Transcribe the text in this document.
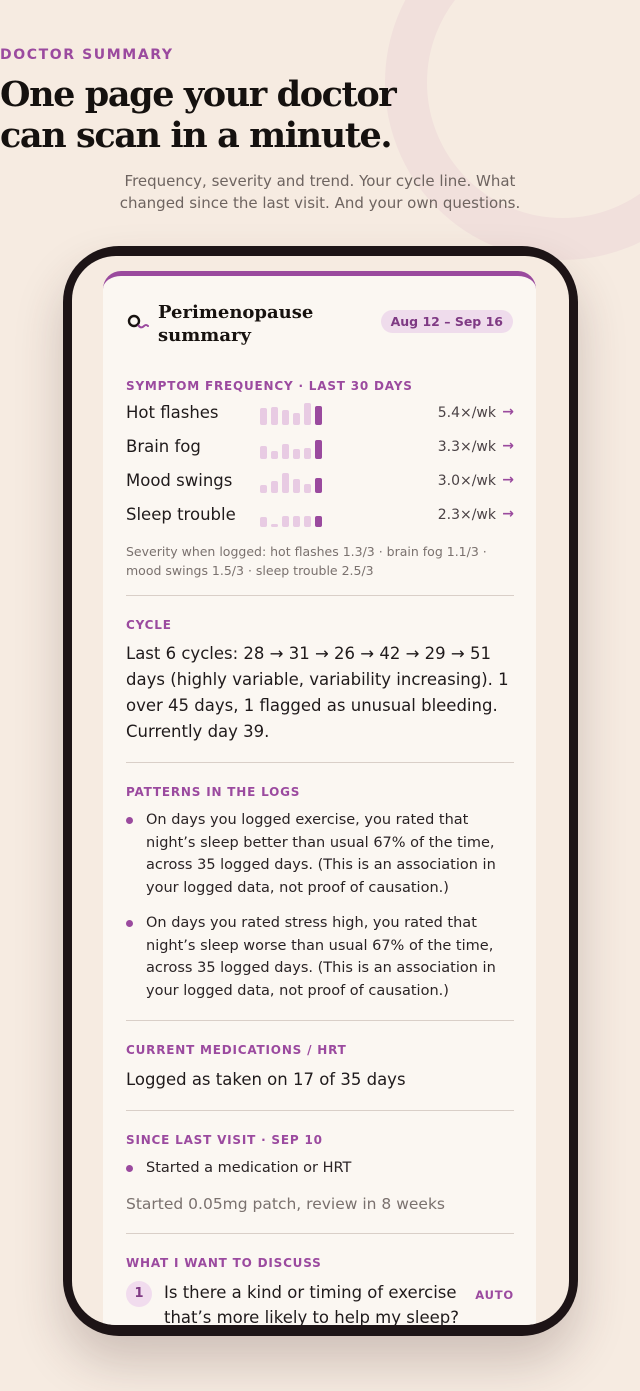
DOCTOR SUMMARY
One page your doctor
can scan in a minute.
Frequency, severity and trend. Your cycle line. What changed since the last visit. And your own questions.
Perimenopause summary
Aug 12 – Sep 16
SYMPTOM FREQUENCY · LAST 30 DAYS
Hot flashes	5.4×/wk →
Brain fog	3.3×/wk →
Mood swings	3.0×/wk →
Sleep trouble	2.3×/wk →
Severity when logged: hot flashes 1.3/3 · brain fog 1.1/3 · mood swings 1.5/3 · sleep trouble 2.5/3
CYCLE
Last 6 cycles: 28 → 31 → 26 → 42 → 29 → 51 days (highly variable, variability increasing). 1 over 45 days, 1 flagged as unusual bleeding. Currently day 39.
PATTERNS IN THE LOGS
On days you logged exercise, you rated that night’s sleep better than usual 67% of the time, across 35 logged days. (This is an association in your logged data, not proof of causation.)
On days you rated stress high, you rated that night’s sleep worse than usual 67% of the time, across 35 logged days. (This is an association in your logged data, not proof of causation.)
CURRENT MEDICATIONS / HRT
Logged as taken on 17 of 35 days
SINCE LAST VISIT · SEP 10
Started a medication or HRT
Started 0.05mg patch, review in 8 weeks
WHAT I WANT TO DISCUSS
1	Is there a kind or timing of exercise that’s more likely to help my sleep?
AUTO
